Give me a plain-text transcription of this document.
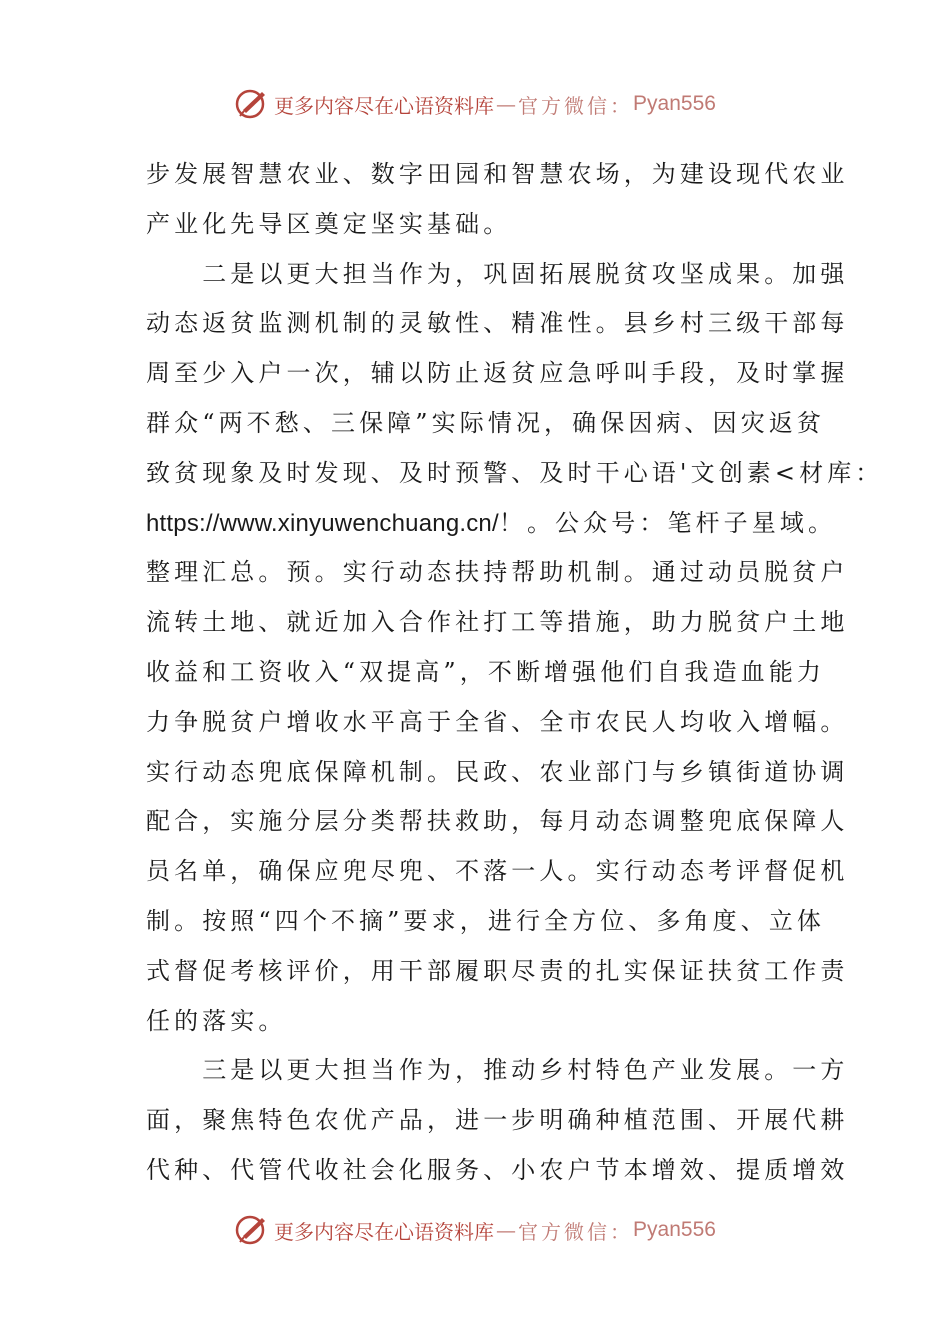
更多内容尽在心语资料库 — 官方微信： Pyan556
步发展智慧农业、数字田园和智慧农场，为建设现代农业
产业化先导区奠定坚实基础。
　　二是以更大担当作为，巩固拓展脱贫攻坚成果。加强
动态返贫监测机制的灵敏性、精准性。县乡村三级干部每
周至少入户一次，辅以防止返贫应急呼叫手段，及时掌握
群众“两不愁、三保障”实际情况，确保因病、因灾返贫
致贫现象及时发现、及时预警、及时干心语'文创素<材库：
https://www.xinyuwenchuang.cn/！。公众号：笔杆子星域。
整理汇总。预。实行动态扶持帮助机制。通过动员脱贫户
流转土地、就近加入合作社打工等措施，助力脱贫户土地
收益和工资收入“双提高”，不断增强他们自我造血能力
力争脱贫户增收水平高于全省、全市农民人均收入增幅。
实行动态兜底保障机制。民政、农业部门与乡镇街道协调
配合，实施分层分类帮扶救助，每月动态调整兜底保障人
员名单，确保应兜尽兜、不落一人。实行动态考评督促机
制。按照“四个不摘”要求，进行全方位、多角度、立体
式督促考核评价，用干部履职尽责的扎实保证扶贫工作责
任的落实。
　　三是以更大担当作为，推动乡村特色产业发展。一方
面，聚焦特色农优产品，进一步明确种植范围、开展代耕
代种、代管代收社会化服务、小农户节本增效、提质增效
更多内容尽在心语资料库 — 官方微信： Pyan556
